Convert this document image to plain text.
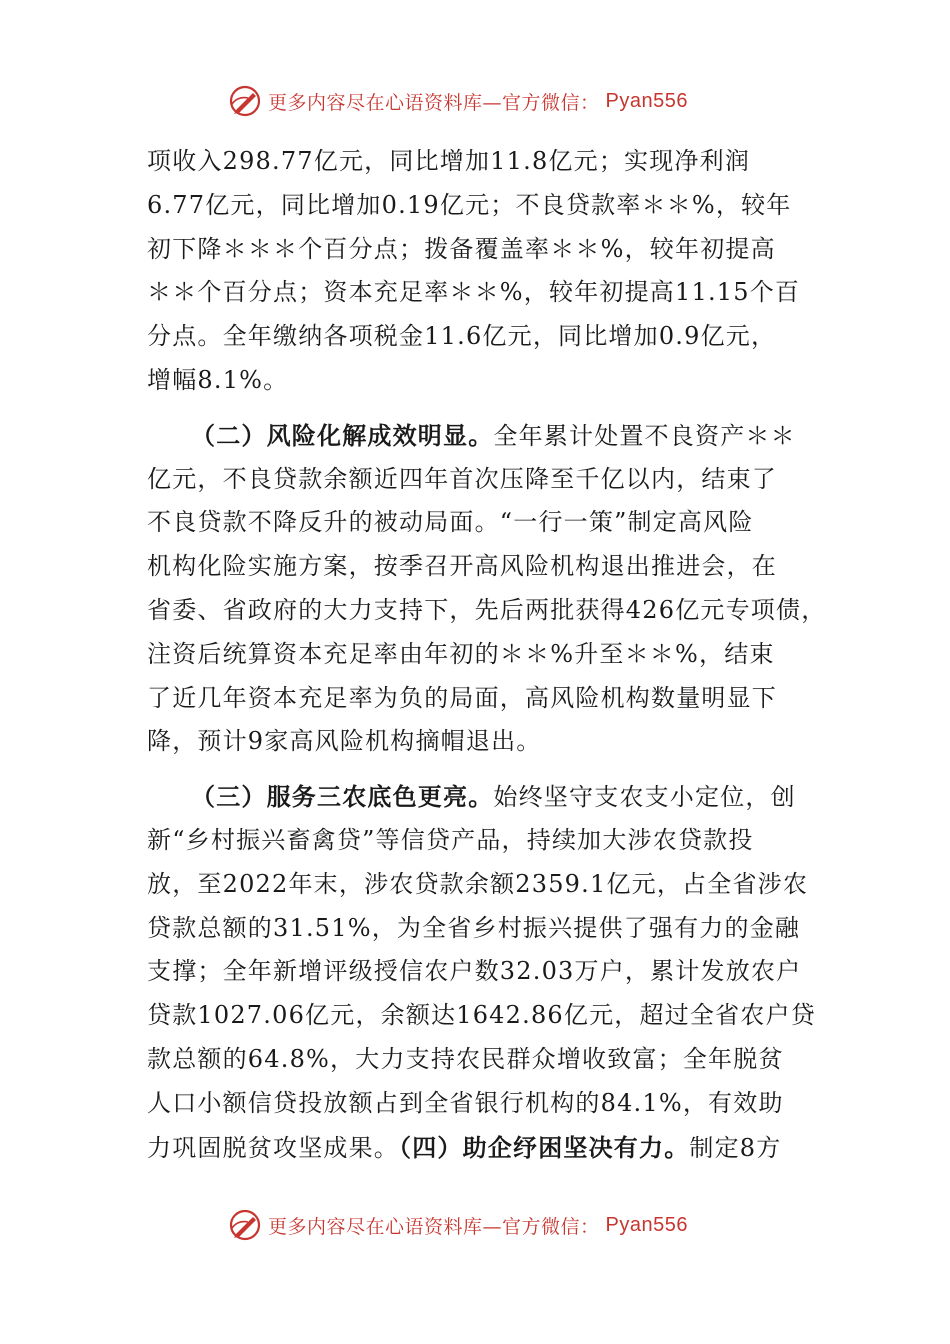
更多内容尽在心语资料库—官方微信： Pyan556
项收入298.77亿元，同比增加11.8亿元；实现净利润
6.77亿元，同比增加0.19亿元；不良贷款率＊＊%，较年
初下降＊＊＊个百分点；拨备覆盖率＊＊%，较年初提高
＊＊个百分点；资本充足率＊＊%，较年初提高11.15个百
分点。全年缴纳各项税金11.6亿元，同比增加0.9亿元，
增幅8.1%。
（二）风险化解成效明显。全年累计处置不良资产＊＊
亿元，不良贷款余额近四年首次压降至千亿以内，结束了
不良贷款不降反升的被动局面。“一行一策”制定高风险
机构化险实施方案，按季召开高风险机构退出推进会，在
省委、省政府的大力支持下，先后两批获得426亿元专项债，
注资后统算资本充足率由年初的＊＊%升至＊＊%，结束
了近几年资本充足率为负的局面，高风险机构数量明显下
降，预计9家高风险机构摘帽退出。
（三）服务三农底色更亮。始终坚守支农支小定位，创
新“乡村振兴畜禽贷”等信贷产品，持续加大涉农贷款投
放，至2022年末，涉农贷款余额2359.1亿元，占全省涉农
贷款总额的31.51%，为全省乡村振兴提供了强有力的金融
支撑；全年新增评级授信农户数32.03万户，累计发放农户
贷款1027.06亿元，余额达1642.86亿元，超过全省农户贷
款总额的64.8%，大力支持农民群众增收致富；全年脱贫
人口小额信贷投放额占到全省银行机构的84.1%，有效助
力巩固脱贫攻坚成果。（四）助企纾困坚决有力。制定8方
更多内容尽在心语资料库—官方微信： Pyan556
